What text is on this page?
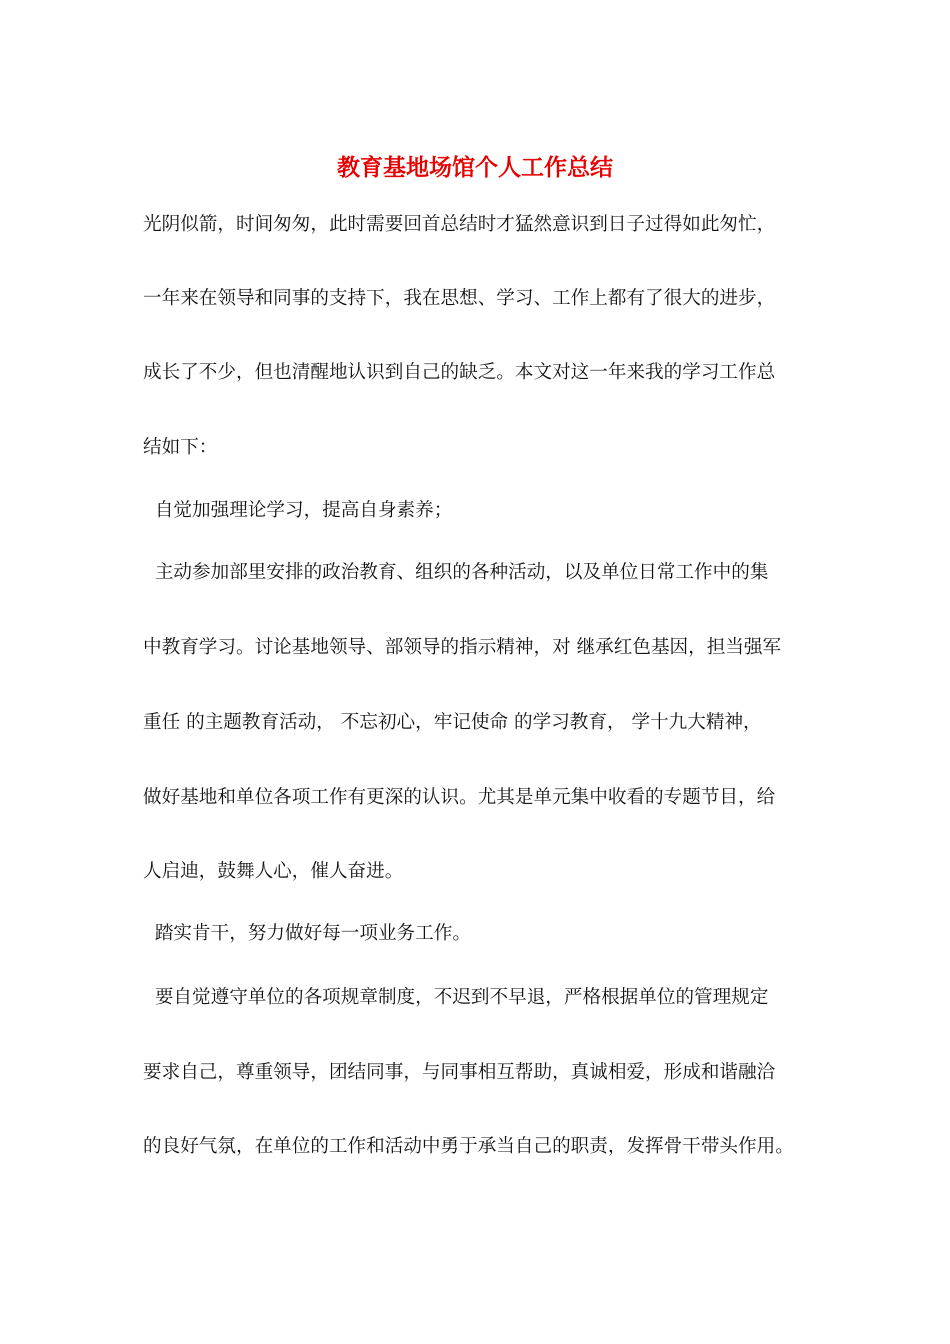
教育基地场馆个人工作总结
光阴似箭，时间匆匆，此时需要回首总结时才猛然意识到日子过得如此匆忙，
一年来在领导和同事的支持下，我在思想、学习、工作上都有了很大的进步，
成长了不少，但也清醒地认识到自己的缺乏。本文对这一年来我的学习工作总
结如下：
自觉加强理论学习，提高自身素养；
主动参加部里安排的政治教育、组织的各种活动，以及单位日常工作中的集
中教育学习。讨论基地领导、部领导的指示精神，对 继承红色基因，担当强军
重任 的主题教育活动， 不忘初心，牢记使命 的学习教育， 学十九大精神，
做好基地和单位各项工作有更深的认识。尤其是单元集中收看的专题节目，给
人启迪，鼓舞人心，催人奋进。
踏实肯干，努力做好每一项业务工作。
要自觉遵守单位的各项规章制度，不迟到不早退，严格根据单位的管理规定
要求自己，尊重领导，团结同事，与同事相互帮助，真诚相爱，形成和谐融洽
的良好气氛，在单位的工作和活动中勇于承当自己的职责，发挥骨干带头作用。
